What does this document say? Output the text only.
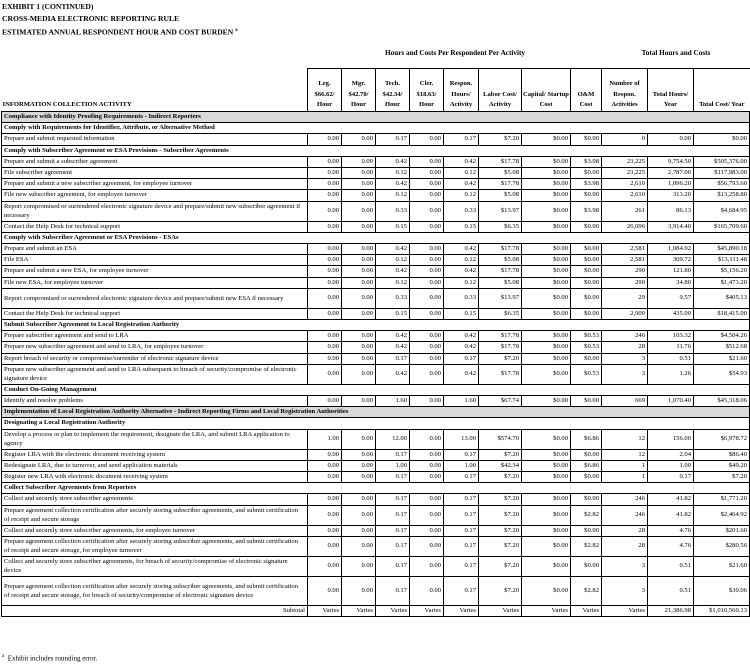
EXHIBIT 1 (CONTINUED)
CROSS-MEDIA ELECTRONIC REPORTING RULE
ESTIMATED ANNUAL RESPONDENT HOUR AND COST BURDEN $^a$
Hours and Costs Per Respondent Per Activity	Total Hours and Costs
INFORMATION COLLECTION ACTIVITY	Leg. $66.62/ Hour	Mgr. $42.70/ Hour	Tech. $42.34/ Hour	Cler. $18.63/ Hour	Respon. Hours/ Activity	Labor Cost/ Activity	Capital/ Startup Cost	O&M Cost	Number of Respon. Activities	Total Hours/ Year	Total Cost/ Year
Compliance with Identity Proofing Requirements - Indirect Reporters											
Comply with Requirements for Identifier, Attribute, or Alternative Method											
Prepare and submit requested information	0.00	0.00	0.17	0.00	0.17	$7.20	$0.00	$0.00	0	0.00	$0.00
Comply with Subscriber Agreement or ESA Provisions - Subscriber Agreements											
Prepare and submit a subscriber agreement	0.00	0.00	0.42	0.00	0.42	$17.78	$0.00	$3.98	23,225	9,754.50	$505,376.00
File subscriber agreement	0.00	0.00	0.12	0.00	0.12	$5.08	$0.00	$0.00	23,225	2,787.00	$117,983.00
Prepare and submit a new subscriber agreement, for employee turnover	0.00	0.00	0.42	0.00	0.42	$17.78	$0.00	$3.98	2,610	1,096.20	$56,793.60
File new subscriber agreement, for employee turnover	0.00	0.00	0.12	0.00	0.12	$5.08	$0.00	$0.00	2,610	313.20	$13,258.80
Report compromised or surrendered electronic signature device and prepare/submit new subscriber agreement if necessary	0.00	0.00	0.33	0.00	0.33	$13.97	$0.00	$3.98	261	86.13	$4,684.95
Contact the Help Desk for technical support	0.00	0.00	0.15	0.00	0.15	$6.35	$0.00	$0.00	26,096	3,914.40	$165,709.60
Comply with Subscriber Agreement or ESA Provisions - ESAs											
Prepare and submit an ESA	0.00	0.00	0.42	0.00	0.42	$17.78	$0.00	$0.00	2,581	1,084.02	$45,890.18
File ESA	0.00	0.00	0.12	0.00	0.12	$5.08	$0.00	$0.00	2,581	309.72	$13,111.48
Prepare and submit a new ESA, for employee turnover	0.00	0.00	0.42	0.00	0.42	$17.78	$0.00	$0.00	290	121.80	$5,156.20
File new ESA, for employee turnover	0.00	0.00	0.12	0.00	0.12	$5.08	$0.00	$0.00	290	34.80	$1,473.20
Report compromised or surrendered electronic signature device and prepare/submit new ESA if necessary	0.00	0.00	0.33	0.00	0.33	$13.97	$0.00	$0.00	29	9.57	$405.13
Contact the Help Desk for technical support	0.00	0.00	0.15	0.00	0.15	$6.35	$0.00	$0.00	2,900	435.00	$18,415.00
Submit Subscriber Agreement to Local Registration Authority											
Prepare subscriber agreement and send to LRA	0.00	0.00	0.42	0.00	0.42	$17.78	$0.00	$0.53	246	103.32	$4,504.26
Prepare new subscriber agreement and send to LRA, for employee turnover	0.00	0.00	0.42	0.00	0.42	$17.78	$0.00	$0.53	28	11.76	$512.68
Report breach of security or compromise/surrender of electronic signature device	0.00	0.00	0.17	0.00	0.17	$7.20	$0.00	$0.00	3	0.51	$21.60
Prepare new subscriber agreement and send to LRA subsequent to breach of security/compromise of electronic signature device	0.00	0.00	0.42	0.00	0.42	$17.78	$0.00	$0.53	3	1.26	$54.93
Conduct On-Going Management											
Identify and resolve problems	0.00	0.00	1.60	0.00	1.60	$67.74	$0.00	$0.00	669	1,070.40	$45,318.06
Implementation of Local Registration Authority Alternative - Indirect Reporting Firms and Local Registration Authorities											
Designating a Local Registration Authority											
Develop a process or plan to implement the requirement, designate the LRA, and submit LRA application to agency	1.00	0.00	12.00	0.00	13.00	$574.70	$0.00	$6.86	12	156.00	$6,978.72
Register LRA with the electronic document receiving system	0.00	0.00	0.17	0.00	0.17	$7.20	$0.00	$0.00	12	2.04	$86.40
Redesignate LRA, due to turnover, and send application materials	0.00	0.00	1.00	0.00	1.00	$42.34	$0.00	$6.86	1	1.00	$49.20
Register new LRA with electronic document receiving system	0.00	0.00	0.17	0.00	0.17	$7.20	$0.00	$0.00	1	0.17	$7.20
Collect Subscriber Agreements from Reporters											
Collect and securely store subscriber agreements	0.00	0.00	0.17	0.00	0.17	$7.20	$0.00	$0.00	246	41.82	$1,771.20
Prepare agreement collection certification after securely storing subscriber agreements, and submit certification of receipt and secure storage	0.00	0.00	0.17	0.00	0.17	$7.20	$0.00	$2.82	246	41.82	$2,464.92
Collect and securely store subscriber agreements, for employee turnover	0.00	0.00	0.17	0.00	0.17	$7.20	$0.00	$0.00	28	4.76	$201.60
Prepare agreement collection certification after securely storing subscriber agreements, and submit certification of receipt and secure storage, for employee turnover	0.00	0.00	0.17	0.00	0.17	$7.20	$0.00	$2.82	28	4.76	$280.56
Collect and securely store subscriber agreements, for breach of security/compromise of electronic signature device	0.00	0.00	0.17	0.00	0.17	$7.20	$0.00	$0.00	3	0.51	$21.60
Prepare agreement collection certification after securely storing subscriber agreements, and submit certification of receipt and secure storage, for breach of security/compromise of electronic signature device	0.00	0.00	0.17	0.00	0.17	$7.20	$0.00	$2.82	3	0.51	$30.06
Subtotal	Varies	Varies	Varies	Varies	Varies	Varies	Varies	Varies	Varies	21,386.98	$1,010,560.13
$^a$ Exhibit includes rounding error.
